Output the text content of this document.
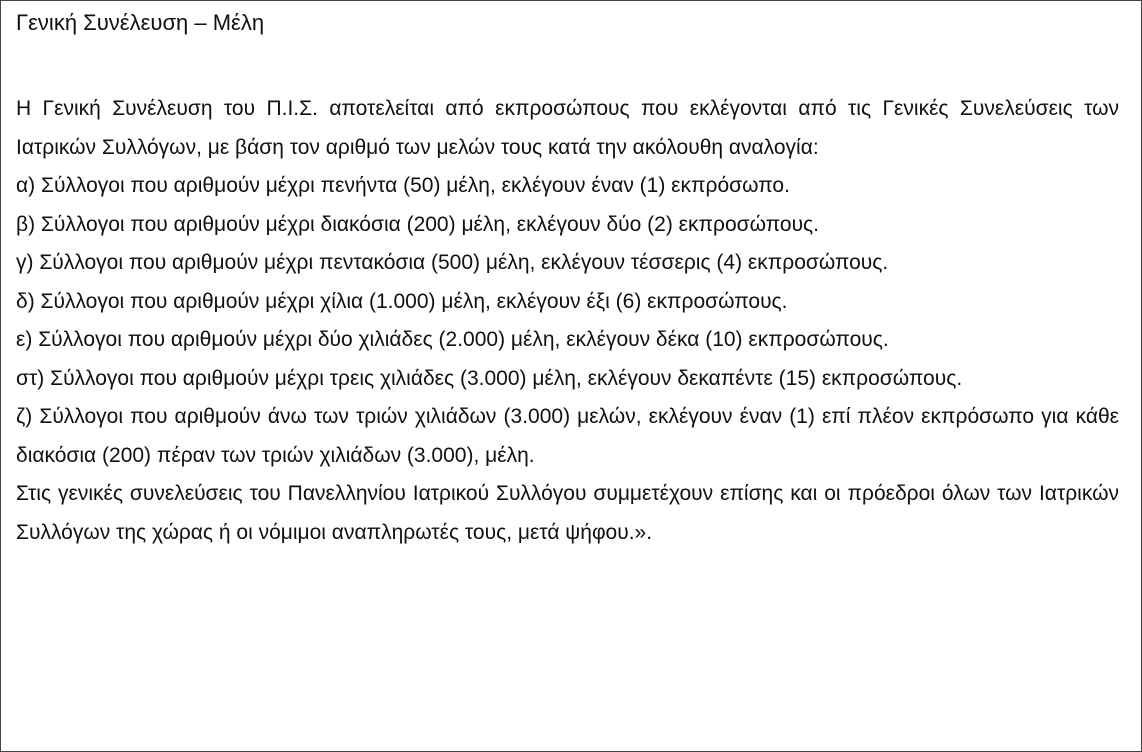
Γενική Συνέλευση – Μέλη

Η Γενική Συνέλευση του Π.Ι.Σ. αποτελείται από εκπροσώπους που εκλέγονται από τις Γενικές Συνελεύσεις των Ιατρικών Συλλόγων, με βάση τον αριθμό των μελών τους κατά την ακόλουθη αναλογία:

α) Σύλλογοι που αριθμούν μέχρι πενήντα (50) μέλη, εκλέγουν έναν (1) εκπρόσωπο.

β) Σύλλογοι που αριθμούν μέχρι διακόσια (200) μέλη, εκλέγουν δύο (2) εκπροσώπους.

γ) Σύλλογοι που αριθμούν μέχρι πεντακόσια (500) μέλη, εκλέγουν τέσσερις (4) εκπροσώπους.

δ) Σύλλογοι που αριθμούν μέχρι χίλια (1.000) μέλη, εκλέγουν έξι (6) εκπροσώπους.

ε) Σύλλογοι που αριθμούν μέχρι δύο χιλιάδες (2.000) μέλη, εκλέγουν δέκα (10) εκπροσώπους.

στ) Σύλλογοι που αριθμούν μέχρι τρεις χιλιάδες (3.000) μέλη, εκλέγουν δεκαπέντε (15) εκπροσώπους.

ζ) Σύλλογοι που αριθμούν άνω των τριών χιλιάδων (3.000) μελών, εκλέγουν έναν (1) επί πλέον εκπρόσωπο για κάθε διακόσια (200) πέραν των τριών χιλιάδων (3.000), μέλη.

Στις γενικές συνελεύσεις του Πανελληνίου Ιατρικού Συλλόγου συμμετέχουν επίσης και οι πρόεδροι όλων των Ιατρικών Συλλόγων της χώρας ή οι νόμιμοι αναπληρωτές τους, μετά ψήφου.».
